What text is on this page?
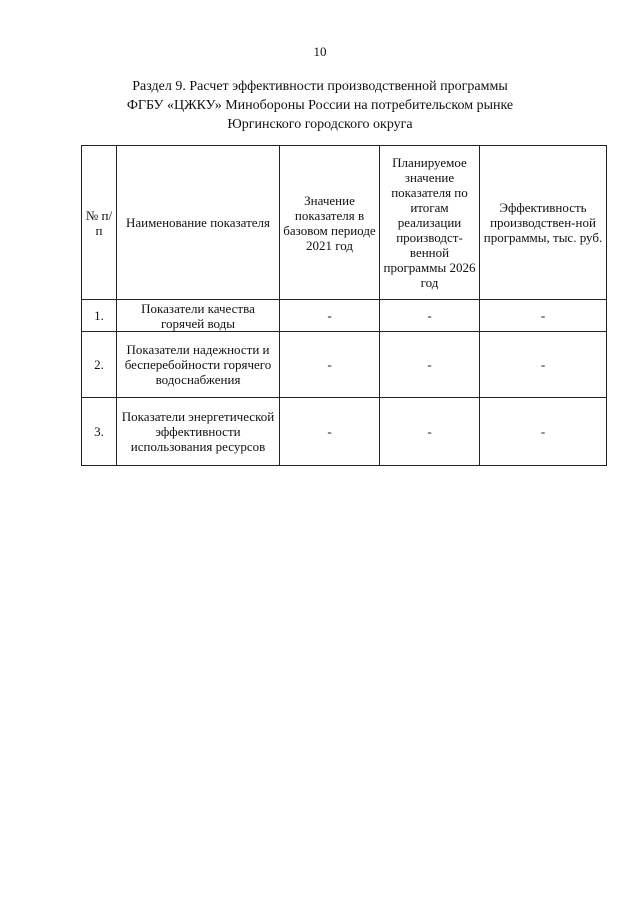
10
Раздел 9. Расчет эффективности производственной программы
ФГБУ «ЦЖКУ» Минобороны России на потребительском рынке
Юргинского городского округа
№ п/п	Наименование показателя	Значение показателя в базовом периоде 2021 год	Планируемое значение показателя по итогам реализации производст-венной программы 2026 год	Эффективность производствен-ной программы, тыс. руб.
1.	Показатели качества горячей воды	-	-	-
2.	Показатели надежности и бесперебойности горячего водоснабжения	-	-	-
3.	Показатели энергетической эффективности использования ресурсов	-	-	-
